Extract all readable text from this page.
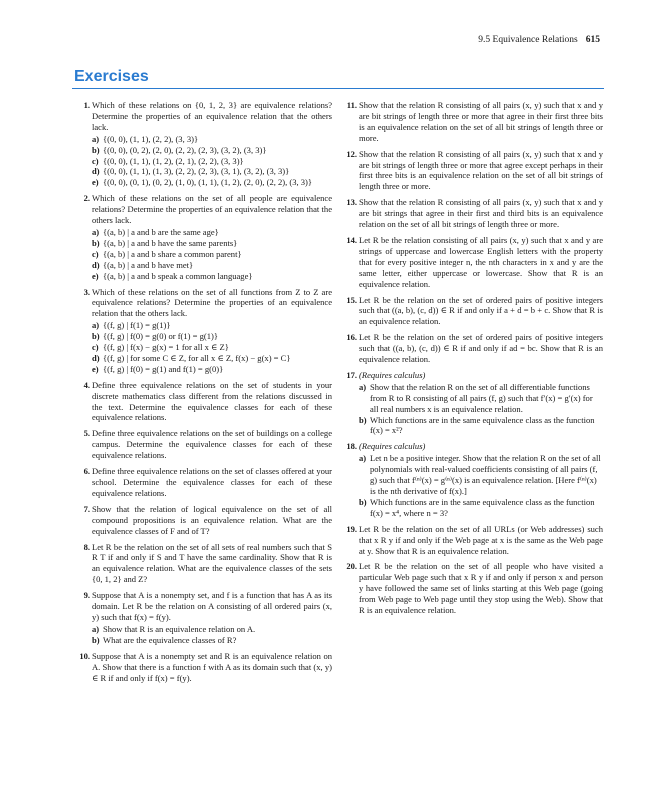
9.5 Equivalence Relations 615
Exercises
1. Which of these relations on {0, 1, 2, 3} are equivalence relations? Determine the properties of an equivalence relation that the others lack.
a) {(0, 0), (1, 1), (2, 2), (3, 3)}
b) {(0, 0), (0, 2), (2, 0), (2, 2), (2, 3), (3, 2), (3, 3)}
c) {(0, 0), (1, 1), (1, 2), (2, 1), (2, 2), (3, 3)}
d) {(0, 0), (1, 1), (1, 3), (2, 2), (2, 3), (3, 1), (3, 2), (3, 3)}
e) {(0, 0), (0, 1), (0, 2), (1, 0), (1, 1), (1, 2), (2, 0), (2, 2), (3, 3)}
2. Which of these relations on the set of all people are equivalence relations? Determine the properties of an equivalence relation that the others lack.
a) {(a, b) | a and b are the same age}
b) {(a, b) | a and b have the same parents}
c) {(a, b) | a and b share a common parent}
d) {(a, b) | a and b have met}
e) {(a, b) | a and b speak a common language}
3. Which of these relations on the set of all functions from Z to Z are equivalence relations? Determine the properties of an equivalence relation that the others lack.
a) {(f, g) | f(1) = g(1)}
b) {(f, g) | f(0) = g(0) or f(1) = g(1)}
c) {(f, g) | f(x) − g(x) = 1 for all x ∈ Z}
d) {(f, g) | for some C ∈ Z, for all x ∈ Z, f(x) − g(x) = C}
e) {(f, g) | f(0) = g(1) and f(1) = g(0)}
4. Define three equivalence relations on the set of students in your discrete mathematics class different from the relations discussed in the text. Determine the equivalence classes for each of these equivalence relations.
5. Define three equivalence relations on the set of buildings on a college campus. Determine the equivalence classes for each of these equivalence relations.
6. Define three equivalence relations on the set of classes offered at your school. Determine the equivalence classes for each of these equivalence relations.
7. Show that the relation of logical equivalence on the set of all compound propositions is an equivalence relation. What are the equivalence classes of F and of T?
8. Let R be the relation on the set of all sets of real numbers such that S R T if and only if S and T have the same cardinality. Show that R is an equivalence relation. What are the equivalence classes of the sets {0, 1, 2} and Z?
9. Suppose that A is a nonempty set, and f is a function that has A as its domain. Let R be the relation on A consisting of all ordered pairs (x, y) such that f(x) = f(y).
a) Show that R is an equivalence relation on A.
b) What are the equivalence classes of R?
10. Suppose that A is a nonempty set and R is an equivalence relation on A. Show that there is a function f with A as its domain such that (x, y) ∈ R if and only if f(x) = f(y).
11. Show that the relation R consisting of all pairs (x, y) such that x and y are bit strings of length three or more that agree in their first three bits is an equivalence relation on the set of all bit strings of length three or more.
12. Show that the relation R consisting of all pairs (x, y) such that x and y are bit strings of length three or more that agree except perhaps in their first three bits is an equivalence relation on the set of all bit strings of length three or more.
13. Show that the relation R consisting of all pairs (x, y) such that x and y are bit strings that agree in their first and third bits is an equivalence relation on the set of all bit strings of length three or more.
14. Let R be the relation consisting of all pairs (x, y) such that x and y are strings of uppercase and lowercase English letters with the property that for every positive integer n, the nth characters in x and y are the same letter, either uppercase or lowercase. Show that R is an equivalence relation.
15. Let R be the relation on the set of ordered pairs of positive integers such that ((a, b), (c, d)) ∈ R if and only if a + d = b + c. Show that R is an equivalence relation.
16. Let R be the relation on the set of ordered pairs of positive integers such that ((a, b), (c, d)) ∈ R if and only if ad = bc. Show that R is an equivalence relation.
17. (Requires calculus)
a) Show that the relation R on the set of all differentiable functions from R to R consisting of all pairs (f, g) such that f′(x) = g′(x) for all real numbers x is an equivalence relation.
b) Which functions are in the same equivalence class as the function f(x) = x²?
18. (Requires calculus)
a) Let n be a positive integer. Show that the relation R on the set of all polynomials with real-valued coefficients consisting of all pairs (f, g) such that f⁽ⁿ⁾(x) = g⁽ⁿ⁾(x) is an equivalence relation. [Here f⁽ⁿ⁾(x) is the nth derivative of f(x).]
b) Which functions are in the same equivalence class as the function f(x) = x⁴, where n = 3?
19. Let R be the relation on the set of all URLs (or Web addresses) such that x R y if and only if the Web page at x is the same as the Web page at y. Show that R is an equivalence relation.
20. Let R be the relation on the set of all people who have visited a particular Web page such that x R y if and only if person x and person y have followed the same set of links starting at this Web page (going from Web page to Web page until they stop using the Web). Show that R is an equivalence relation.
